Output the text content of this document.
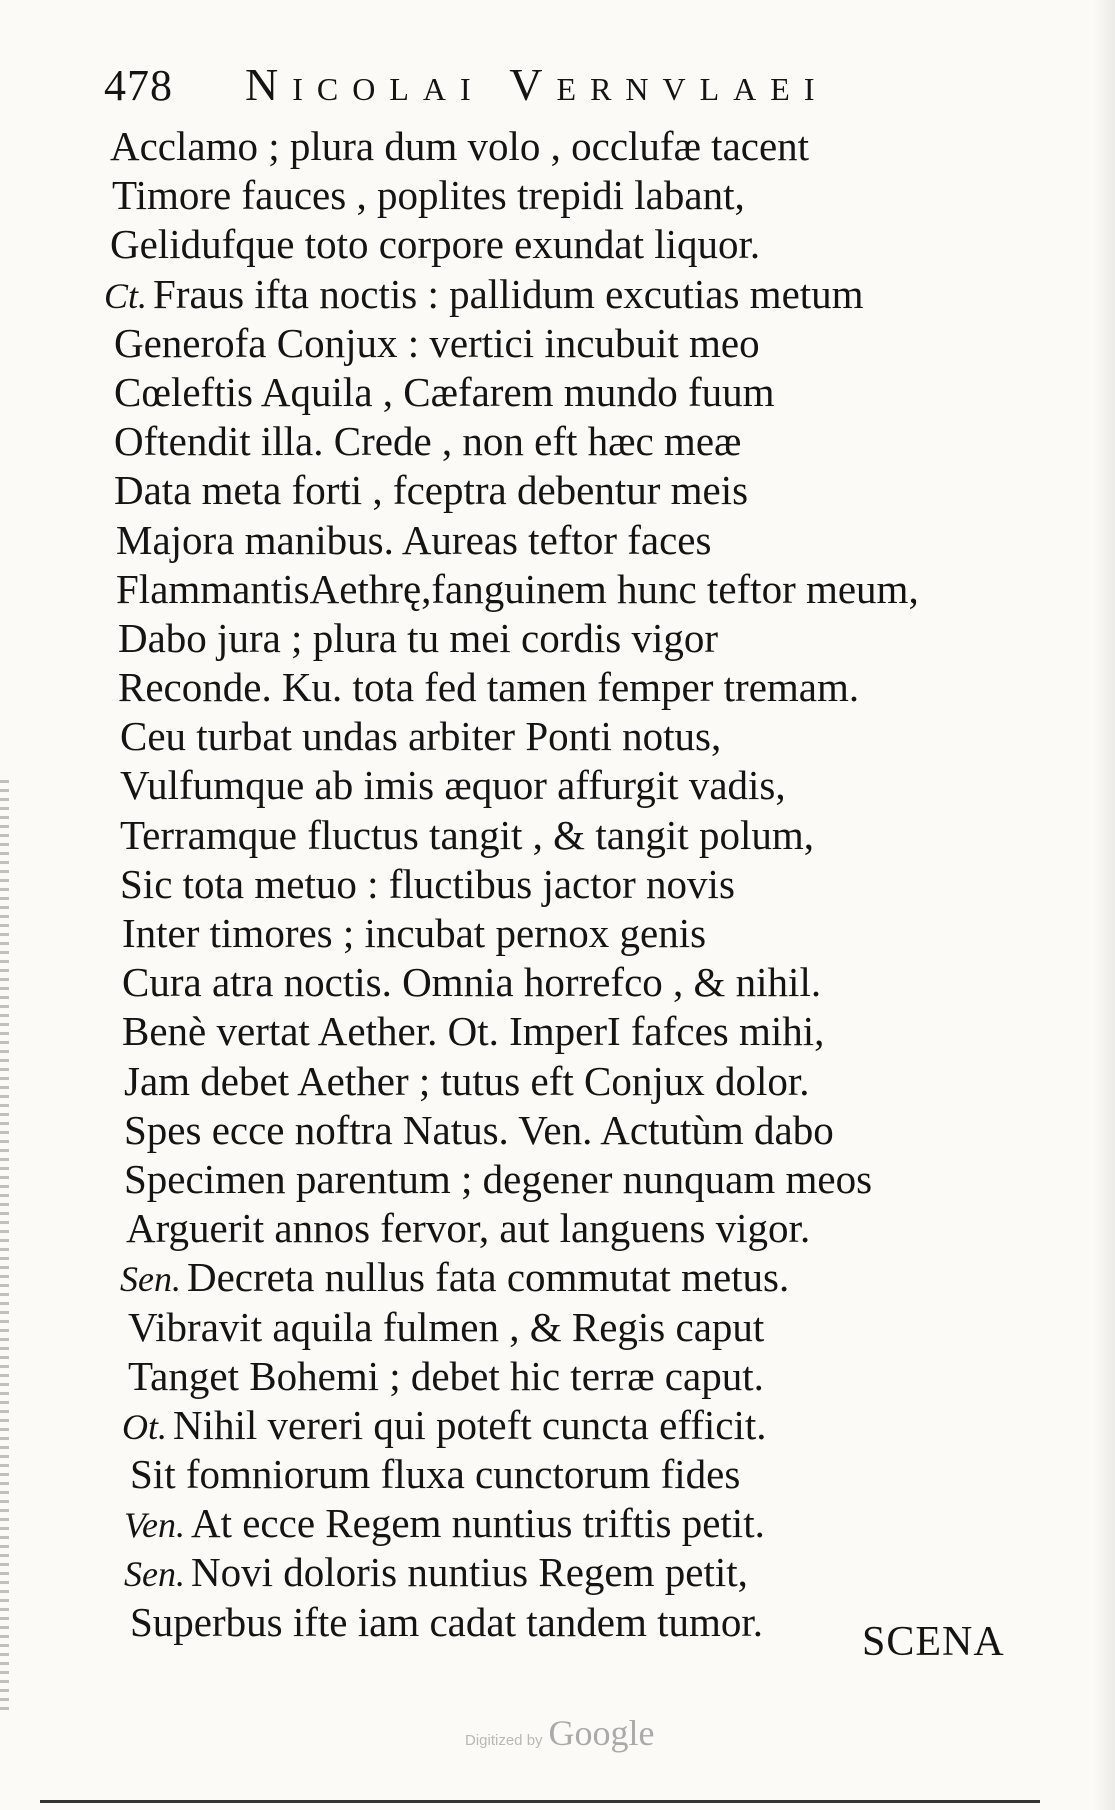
478 Nicolai Vernvlaei
Acclamo ; plura dum volo , occlufæ tacent
Timore fauces , poplites trepidi labant,
Gelidufque toto corpore exundat liquor.
Ct. Fraus ifta noctis : pallidum excutias metum
Generofa Conjux : vertici incubuit meo
Cœleftis Aquila , Cæfarem mundo fuum
Oftendit illa. Crede , non eft hæc meæ
Data meta forti , fceptra debentur meis
Majora manibus. Aureas teftor faces
FlammantisAethrę,fanguinem hunc teftor meum,
Dabo jura ; plura tu mei cordis vigor
Reconde. Ku. tota fed tamen femper tremam.
Ceu turbat undas arbiter Ponti notus,
Vulfumque ab imis æquor affurgit vadis,
Terramque fluctus tangit , & tangit polum,
Sic tota metuo : fluctibus jactor novis
Inter timores ; incubat pernox genis
Cura atra noctis. Omnia horrefco , & nihil.
Benè vertat Aether. Ot. ImperI fafces mihi,
Jam debet Aether ; tutus eft Conjux dolor.
Spes ecce noftra Natus. Ven. Actutùm dabo
Specimen parentum ; degener nunquam meos
Arguerit annos fervor, aut languens vigor.
Sen. Decreta nullus fata commutat metus.
Vibravit aquila fulmen , & Regis caput
Tanget Bohemi ; debet hic terræ caput.
Ot. Nihil vereri qui poteft cuncta efficit.
Sit fomniorum fluxa cunctorum fides
Ven. At ecce Regem nuntius triftis petit.
Sen. Novi doloris nuntius Regem petit,
Superbus ifte iam cadat tandem tumor.	SCENA
Digitized by Google
